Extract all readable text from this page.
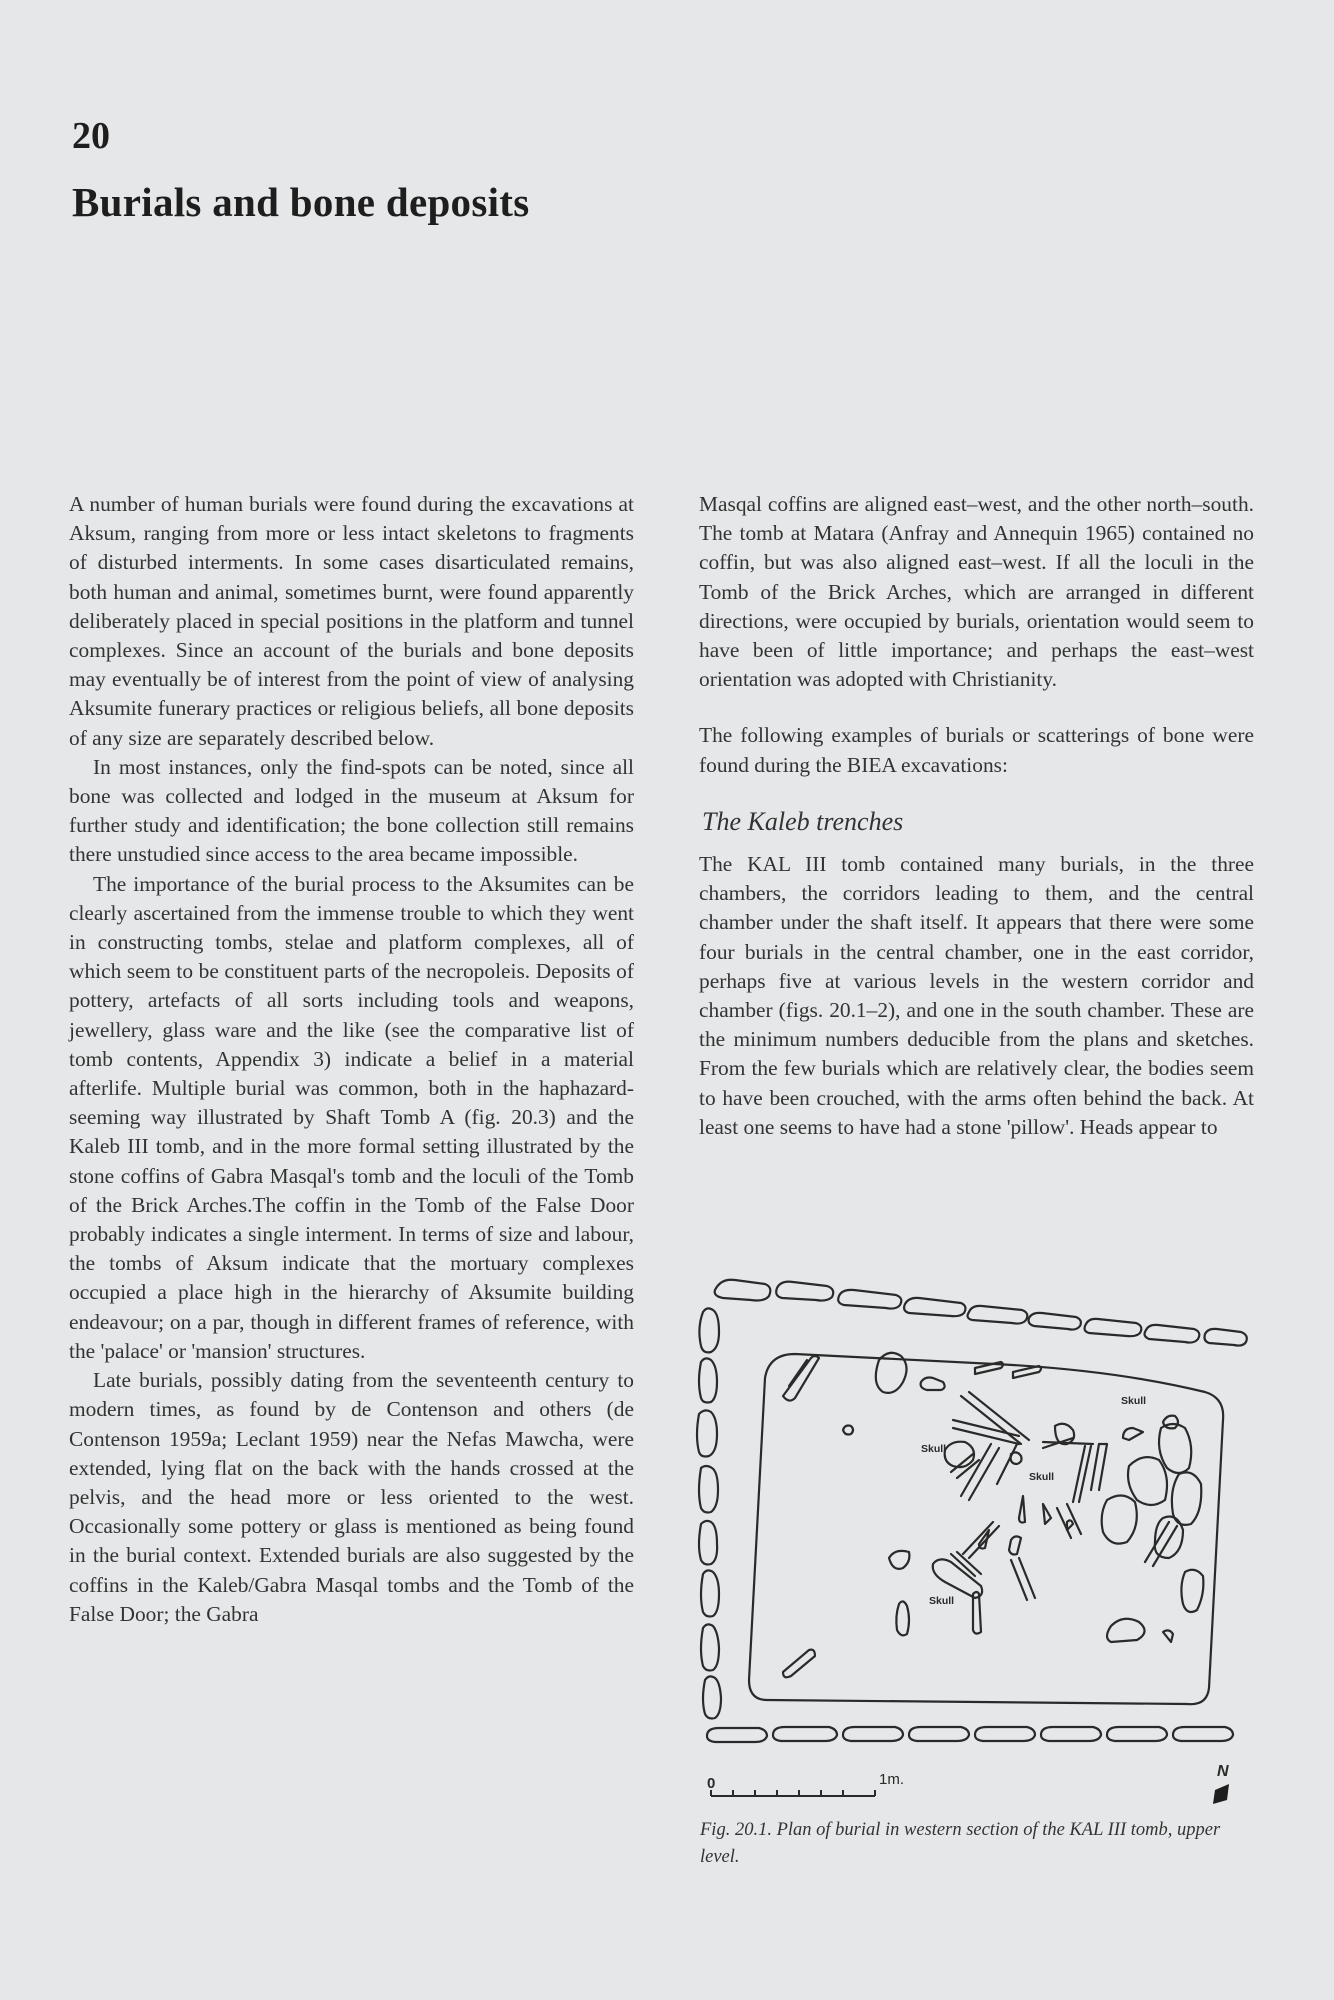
20
Burials and bone deposits

A number of human burials were found during the excavations at Aksum, ranging from more or less intact skeletons to fragments of disturbed interments. In some cases disarticulated remains, both human and animal, sometimes burnt, were found apparently deliberately placed in special positions in the platform and tunnel complexes. Since an account of the burials and bone deposits may eventually be of interest from the point of view of analysing Aksumite funerary practices or religious beliefs, all bone deposits of any size are separately described below.

In most instances, only the find-spots can be noted, since all bone was collected and lodged in the museum at Aksum for further study and identification; the bone collection still remains there unstudied since access to the area became impossible.

The importance of the burial process to the Aksumites can be clearly ascertained from the immense trouble to which they went in constructing tombs, stelae and platform complexes, all of which seem to be constituent parts of the necropoleis. Deposits of pottery, artefacts of all sorts including tools and weapons, jewellery, glass ware and the like (see the comparative list of tomb contents, Appendix 3) indicate a belief in a material afterlife. Multiple burial was common, both in the haphazard-seeming way illustrated by Shaft Tomb A (fig. 20.3) and the Kaleb III tomb, and in the more formal setting illustrated by the stone coffins of Gabra Masqal's tomb and the loculi of the Tomb of the Brick Arches.The coffin in the Tomb of the False Door probably indicates a single interment. In terms of size and labour, the tombs of Aksum indicate that the mortuary complexes occupied a place high in the hierarchy of Aksumite building endeavour; on a par, though in different frames of reference, with the 'palace' or 'mansion' structures.

Late burials, possibly dating from the seventeenth century to modern times, as found by de Contenson and others (de Contenson 1959a; Leclant 1959) near the Nefas Mawcha, were extended, lying flat on the back with the hands crossed at the pelvis, and the head more or less oriented to the west. Occasionally some pottery or glass is mentioned as being found in the burial context. Extended burials are also suggested by the coffins in the Kaleb/Gabra Masqal tombs and the Tomb of the False Door; the Gabra

Masqal coffins are aligned east–west, and the other north–south. The tomb at Matara (Anfray and Annequin 1965) contained no coffin, but was also aligned east–west. If all the loculi in the Tomb of the Brick Arches, which are arranged in different directions, were occupied by burials, orientation would seem to have been of little importance; and perhaps the east–west orientation was adopted with Christianity.

The following examples of burials or scatterings of bone were found during the BIEA excavations:

The Kaleb trenches

The KAL III tomb contained many burials, in the three chambers, the corridors leading to them, and the central chamber under the shaft itself. It appears that there were some four burials in the central chamber, one in the east corridor, perhaps five at various levels in the western corridor and chamber (figs. 20.1–2), and one in the south chamber. These are the minimum numbers deducible from the plans and sketches. From the few burials which are relatively clear, the bodies seem to have been crouched, with the arms often behind the back. At least one seems to have had a stone 'pillow'. Heads appear to

Skull
Skull
Skull
Skull
0	1m.	N
Fig. 20.1. Plan of burial in western section of the KAL III tomb, upper level.
